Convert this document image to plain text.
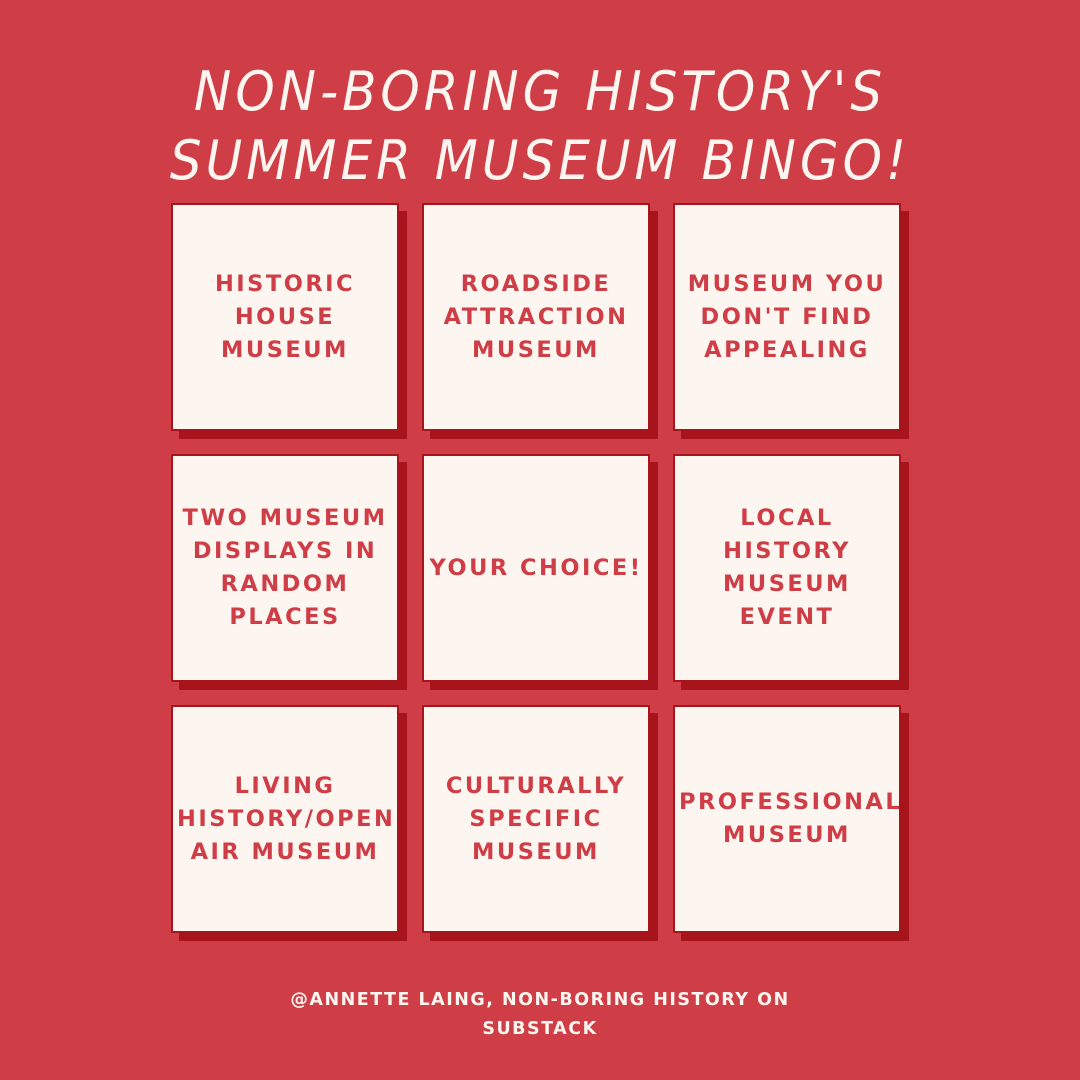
NON-BORING HISTORY'S
SUMMER MUSEUM BINGO!
HISTORIC
HOUSE
MUSEUM
ROADSIDE
ATTRACTION
MUSEUM
MUSEUM YOU
DON'T FIND
APPEALING
TWO MUSEUM
DISPLAYS IN
RANDOM
PLACES
YOUR CHOICE!
LOCAL
HISTORY
MUSEUM EVENT
LIVING
HISTORY/OPEN
AIR MUSEUM
CULTURALLY
SPECIFIC
MUSEUM
PROFESSIONAL
MUSEUM
@ANNETTE LAING, NON-BORING HISTORY ON SUBSTACK
